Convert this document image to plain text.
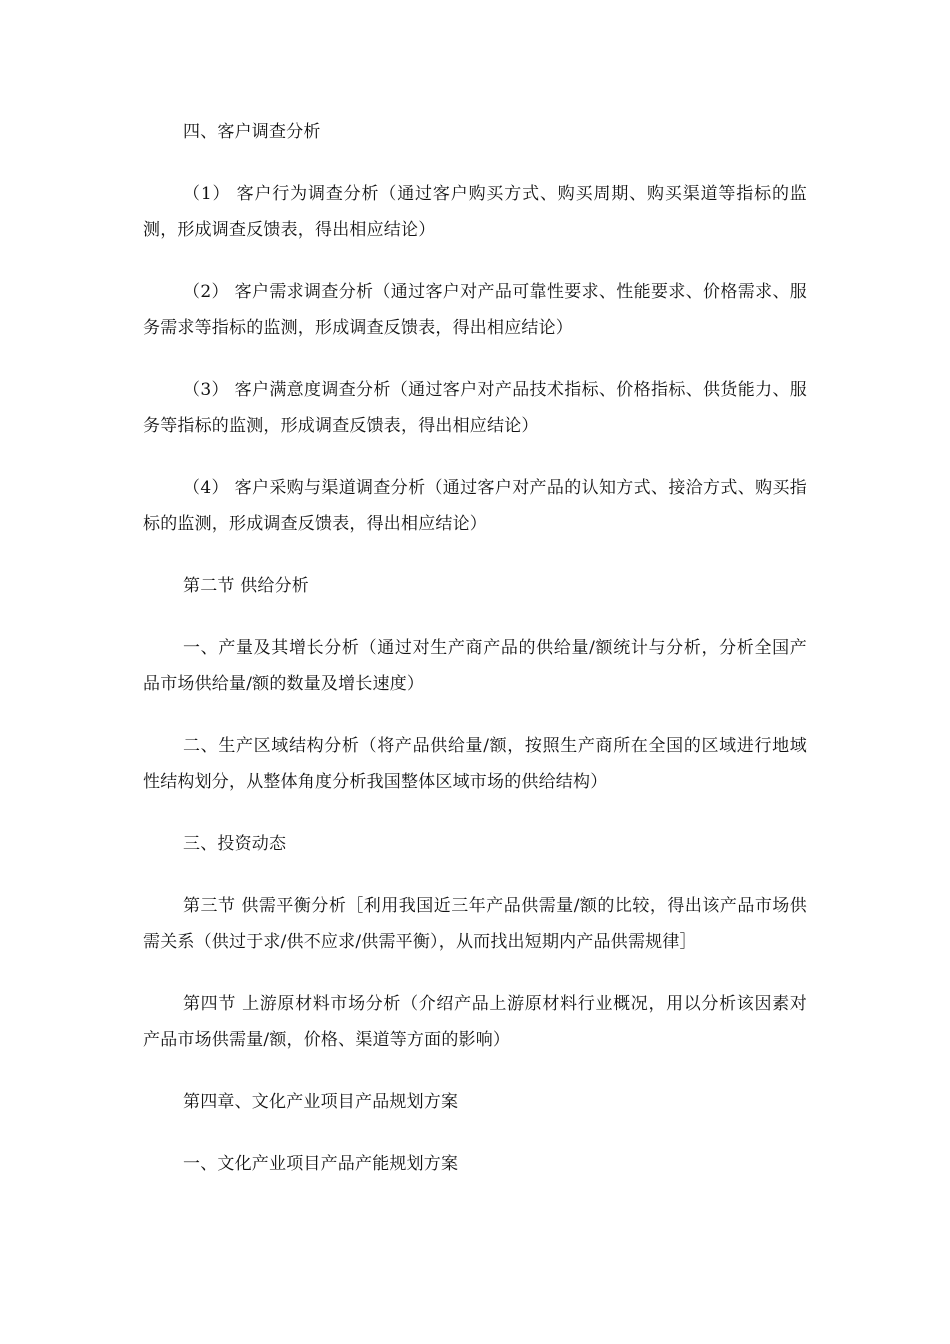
四、客户调查分析

（1） 客户行为调查分析（通过客户购买方式、购买周期、购买渠道等指标的监测，形成调查反馈表，得出相应结论）

（2） 客户需求调查分析（通过客户对产品可靠性要求、性能要求、价格需求、服务需求等指标的监测，形成调查反馈表，得出相应结论）

（3） 客户满意度调查分析（通过客户对产品技术指标、价格指标、供货能力、服务等指标的监测，形成调查反馈表，得出相应结论）

（4） 客户采购与渠道调查分析（通过客户对产品的认知方式、接洽方式、购买指标的监测，形成调查反馈表，得出相应结论）

第二节 供给分析

一、产量及其增长分析（通过对生产商产品的供给量/额统计与分析，分析全国产品市场供给量/额的数量及增长速度）

二、生产区域结构分析（将产品供给量/额，按照生产商所在全国的区域进行地域性结构划分，从整体角度分析我国整体区域市场的供给结构）

三、投资动态

第三节 供需平衡分析［利用我国近三年产品供需量/额的比较，得出该产品市场供需关系（供过于求/供不应求/供需平衡），从而找出短期内产品供需规律］

第四节 上游原材料市场分析（介绍产品上游原材料行业概况，用以分析该因素对产品市场供需量/额，价格、渠道等方面的影响）

第四章、文化产业项目产品规划方案

一、文化产业项目产品产能规划方案
